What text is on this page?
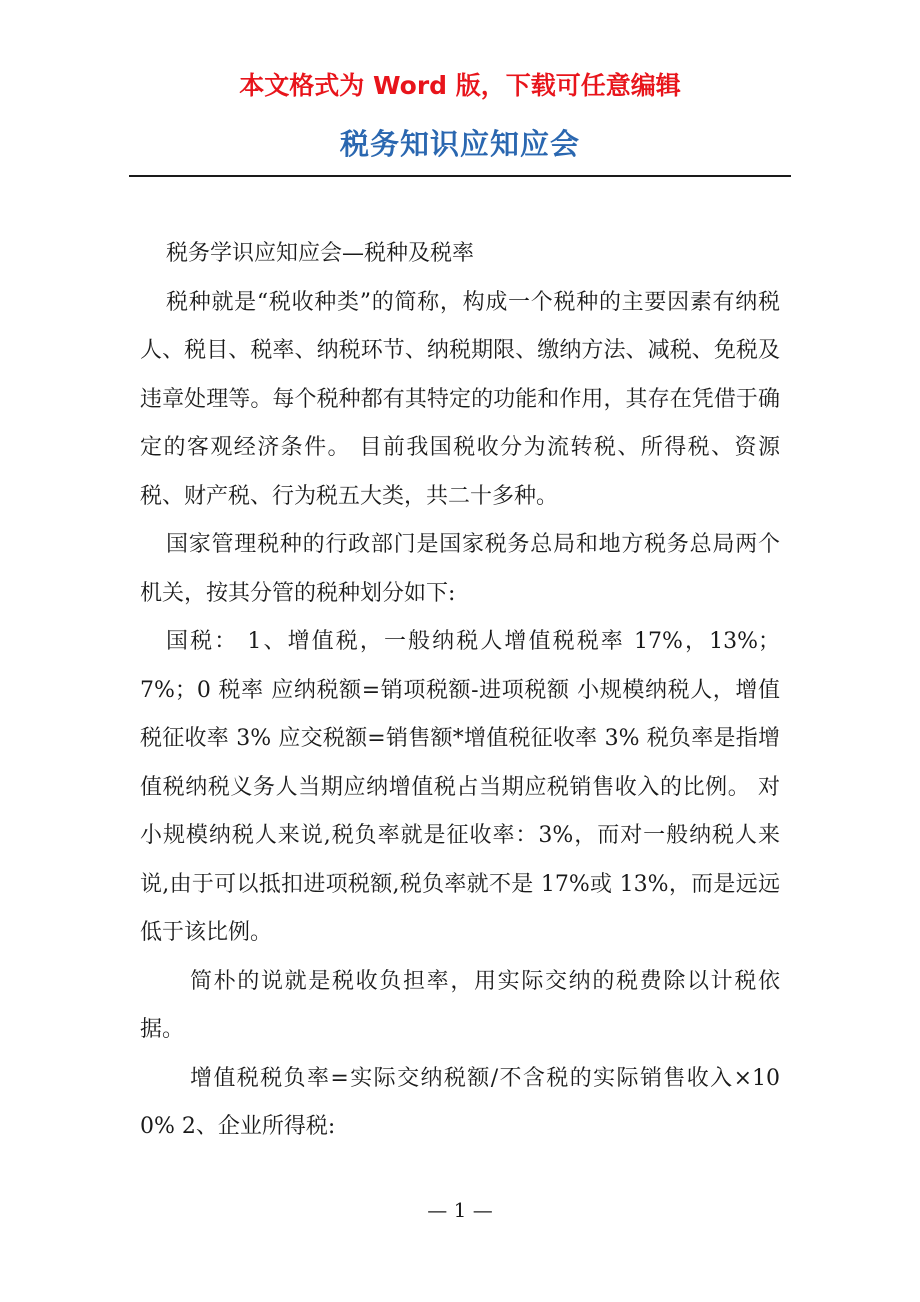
本文格式为 Word 版，下载可任意编辑
税务知识应知应会

税务学识应知应会—税种及税率

税种就是“税收种类”的简称，构成一个税种的主要因素有纳税人、税目、税率、纳税环节、纳税期限、缴纳方法、减税、免税及违章处理等。每个税种都有其特定的功能和作用，其存在凭借于确定的客观经济条件。 目前我国税收分为流转税、所得税、资源税、财产税、行为税五大类，共二十多种。

国家管理税种的行政部门是国家税务总局和地方税务总局两个机关，按其分管的税种划分如下:

国税： 1、增值税，一般纳税人增值税税率 17%，13%；7%；0 税率 应纳税额=销项税额-进项税额 小规模纳税人，增值税征收率 3% 应交税额=销售额*增值税征收率 3% 税负率是指增值税纳税义务人当期应纳增值税占当期应税销售收入的比例。 对小规模纳税人来说,税负率就是征收率：3%，而对一般纳税人来说,由于可以抵扣进项税额,税负率就不是 17%或 13%，而是远远低于该比例。

简朴的说就是税收负担率，用实际交纳的税费除以计税依据。

增值税税负率=实际交纳税额/不含税的实际销售收入×100% 2、企业所得税:

— 1 —
